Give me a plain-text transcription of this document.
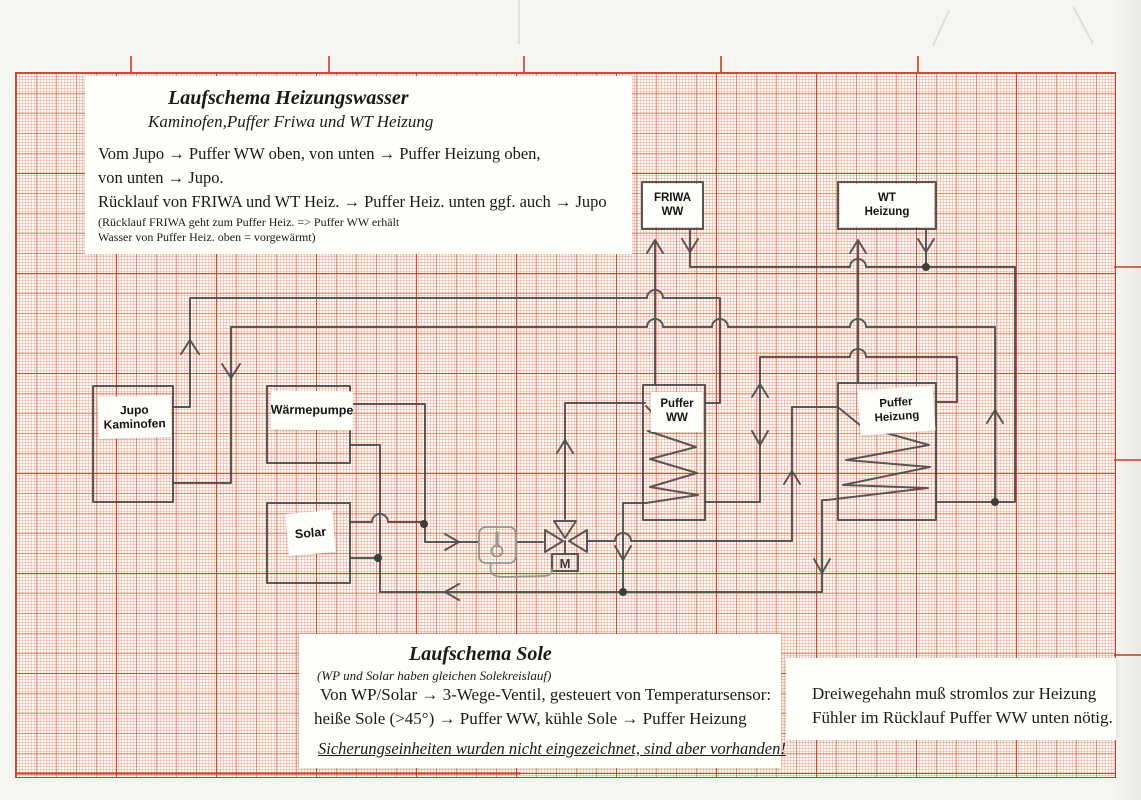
M
FRIWA
WW
WT
Heizung
Jupo
Kaminofen
Wärmepumpe
Solar
Puffer
WW
Puffer
Heizung
Laufschema Heizungswasser
Kaminofen,Puffer Friwa und WT Heizung
Vom Jupo → Puffer WW oben, von unten → Puffer Heizung oben,
von unten → Jupo.
Rücklauf von FRIWA und WT Heiz. → Puffer Heiz. unten ggf. auch → Jupo
(Rücklauf FRIWA geht zum Puffer Heiz. => Puffer WW erhält
Wasser von Puffer Heiz. oben = vorgewärmt)
Laufschema Sole
(WP und Solar haben gleichen Solekreislauf)
Von WP/Solar → 3-Wege-Ventil, gesteuert von Temperatursensor:
heiße Sole (>45°) → Puffer WW, kühle Sole → Puffer Heizung
Sicherungseinheiten wurden nicht eingezeichnet, sind aber vorhanden!
Dreiwegehahn muß stromlos zur Heizung
Fühler im Rücklauf Puffer WW unten nötig.
